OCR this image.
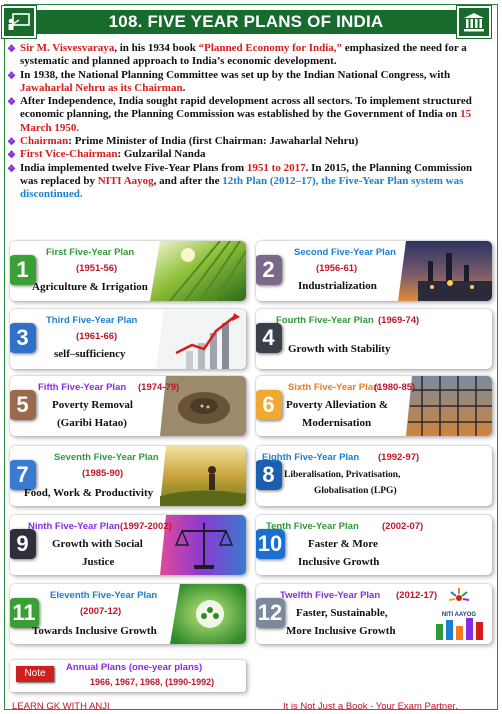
108. FIVE YEAR PLANS OF INDIA
❖ Sir M. Visvesvaraya, in his 1934 book “Planned Economy for India,” emphasized the need for a systematic and planned approach to India’s economic development.
❖ In 1938, the National Planning Committee was set up by the Indian National Congress, with Jawaharlal Nehru as its Chairman.
❖ After Independence, India sought rapid development across all sectors. To implement structured economic planning, the Planning Commission was established by the Government of India on 15 March 1950.
❖ Chairman: Prime Minister of India (first Chairman: Jawaharlal Nehru)
❖ First Vice-Chairman: Gulzarilal Nanda
❖ India implemented twelve Five-Year Plans from 1951 to 2017. In 2015, the Planning Commission was replaced by NITI Aayog, and after the 12th Plan (2012–17), the Five-Year Plan system was discontinued.
1
First Five-Year Plan
(1951-56)
Agriculture & Irrigation
2
Second Five-Year Plan
(1956-61)
Industrialization
3
Third Five-Year Plan
(1961-66)
self–sufficiency
4
Fourth Five-Year Plan (1969-74)
Growth with Stability
5
Fifth Five-Year Plan (1974-79)
Poverty Removal
(Garibi Hatao)
6
Sixth Five-Year Plan
(1980-85)
Poverty Alleviation &
Modernisation
7
Seventh Five-Year Plan
(1985-90)
Food, Work & Productivity
8
Eighth Five-Year Plan (1992-97)
Liberalisation, Privatisation,
Globalisation (LPG)
9
Ninth Five-Year Plan (1997-2002)
Growth with Social
Justice
10
Tenth Five-Year Plan (2002-07)
Faster & More
Inclusive Growth
11
Eleventh Five-Year Plan
(2007-12)
Towards Inclusive Growth
NITI AAYOG
12
Twelfth Five-Year Plan (2012-17)
Faster, Sustainable,
More Inclusive Growth
Note
Annual Plans (one-year plans)
1966, 1967, 1968, (1990-1992)
LEARN GK WITH ANJI	It is Not Just a Book - Your Exam Partner.
